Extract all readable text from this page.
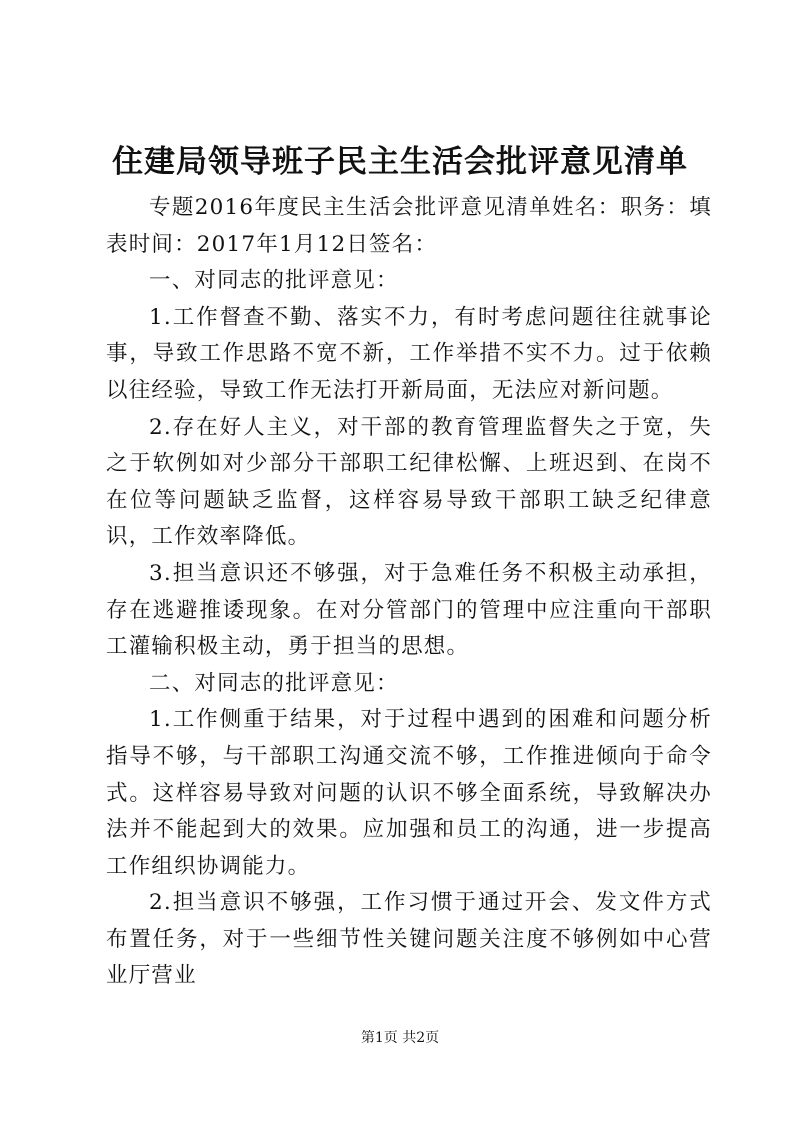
住建局领导班子民主生活会批评意见清单

专题2016年度民主生活会批评意见清单姓名：职务：填表时间：2017年1月12日签名：

一、对同志的批评意见：

1.工作督查不勤、落实不力，有时考虑问题往往就事论事，导致工作思路不宽不新，工作举措不实不力。过于依赖以往经验，导致工作无法打开新局面，无法应对新问题。

2.存在好人主义，对干部的教育管理监督失之于宽，失之于软例如对少部分干部职工纪律松懈、上班迟到、在岗不在位等问题缺乏监督，这样容易导致干部职工缺乏纪律意识，工作效率降低。

3.担当意识还不够强，对于急难任务不积极主动承担，存在逃避推诿现象。在对分管部门的管理中应注重向干部职工灌输积极主动，勇于担当的思想。

二、对同志的批评意见：

1.工作侧重于结果，对于过程中遇到的困难和问题分析指导不够，与干部职工沟通交流不够，工作推进倾向于命令式。这样容易导致对问题的认识不够全面系统，导致解决办法并不能起到大的效果。应加强和员工的沟通，进一步提高工作组织协调能力。

2.担当意识不够强，工作习惯于通过开会、发文件方式布置任务，对于一些细节性关键问题关注度不够例如中心营业厅营业

第1页 共2页
